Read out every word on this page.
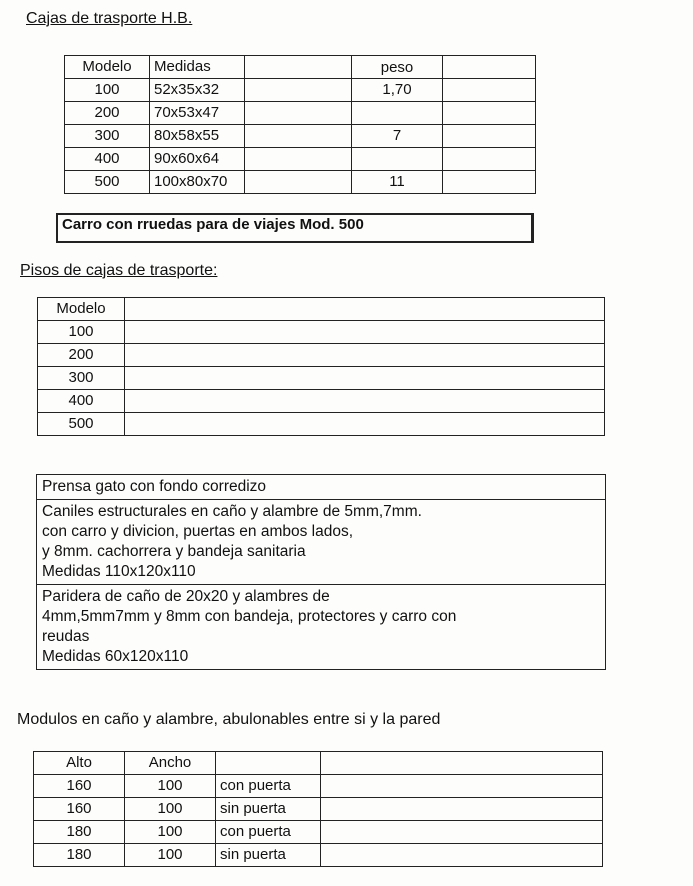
Cajas de trasporte H.B.
Modelo	Medidas		peso	
100	52x35x32		1,70	
200	70x53x47			
300	80x58x55		7	
400	90x60x64			
500	100x80x70		11	
Carro con rruedas para de viajes Mod. 500
Pisos de cajas de trasporte:
Modelo	
100	
200	
300	
400	
500	
Prensa gato con fondo corredizo

Caniles estructurales en caño y alambre de 5mm,7mm.
con carro y divicion, puertas en ambos lados,
y 8mm. cachorrera y bandeja sanitaria
Medidas 110x120x110

Paridera de caño de 20x20 y alambres de
4mm,5mm7mm y 8mm con bandeja, protectores y carro con
reudas
Medidas 60x120x110
Modulos en caño y alambre, abulonables entre si y la pared
Alto	Ancho		
160	100	con puerta	
160	100	sin puerta	
180	100	con puerta	
180	100	sin puerta	
